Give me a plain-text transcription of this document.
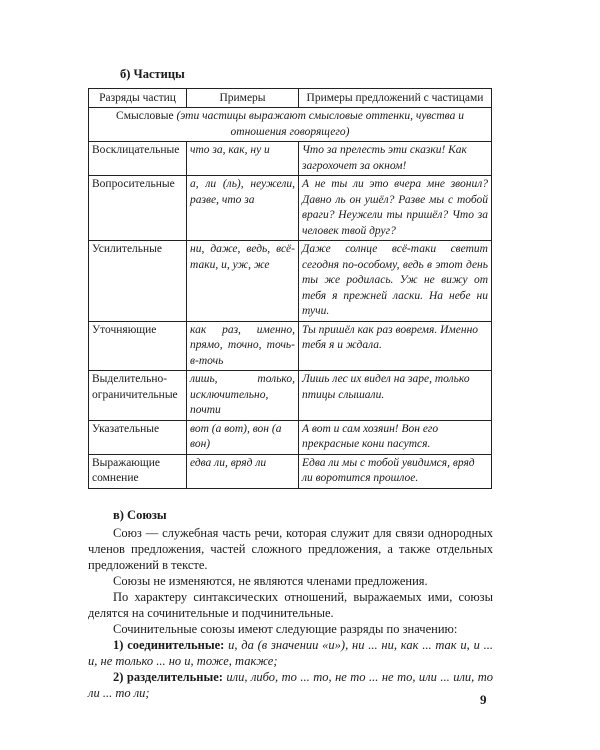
б) Частицы
Разряды частиц	Примеры	Примеры предложений с частицами
Смысловые (эти частицы выражают смысловые оттенки, чувства и отношения говорящего)		
Восклицательные	что за, как, ну и	Что за прелесть эти сказки! Как загрохочет за окном!
Вопросительные	а, ли (ль), неужели, разве, что за	А не ты ли это вчера мне звонил? Давно ль он ушёл? Разве мы с тобой враги? Неужели ты пришёл? Что за человек твой друг?
Усилительные	ни, даже, ведь, всё-таки, и, уж, же	Даже солнце всё-таки светит сегодня по-особому, ведь в этот день ты же родилась. Уж не вижу от тебя я прежней ласки. На небе ни тучи.
Уточняющие	как раз, именно, прямо, точно, точь-в-точь	Ты пришёл как раз вовремя. Именно тебя я и ждала.
Выделительно-ограничительные	лишь, только, исключительно, почти	Лишь лес их видел на заре, только птицы слышали.
Указательные	вот (а вот), вон (а вон)	А вот и сам хозяин! Вон его прекрасные кони пасутся.
Выражающие сомнение	едва ли, вряд ли	Едва ли мы с тобой увидимся, вряд ли воротится прошлое.
в) Союзы

Союз — служебная часть речи, которая служит для связи однородных членов предложения, частей сложного предложения, а также отдельных предложений в тексте.

Союзы не изменяются, не являются членами предложения.

По характеру синтаксических отношений, выражаемых ими, союзы делятся на сочинительные и подчинительные.

Сочинительные союзы имеют следующие разряды по значению:

1) соединительные: и, да (в значении «и»), ни ... ни, как ... так и, и ... и, не только ... но и, тоже, также;

2) разделительные: или, либо, то ... то, не то ... не то, или ... или, то ли ... то ли;	9
